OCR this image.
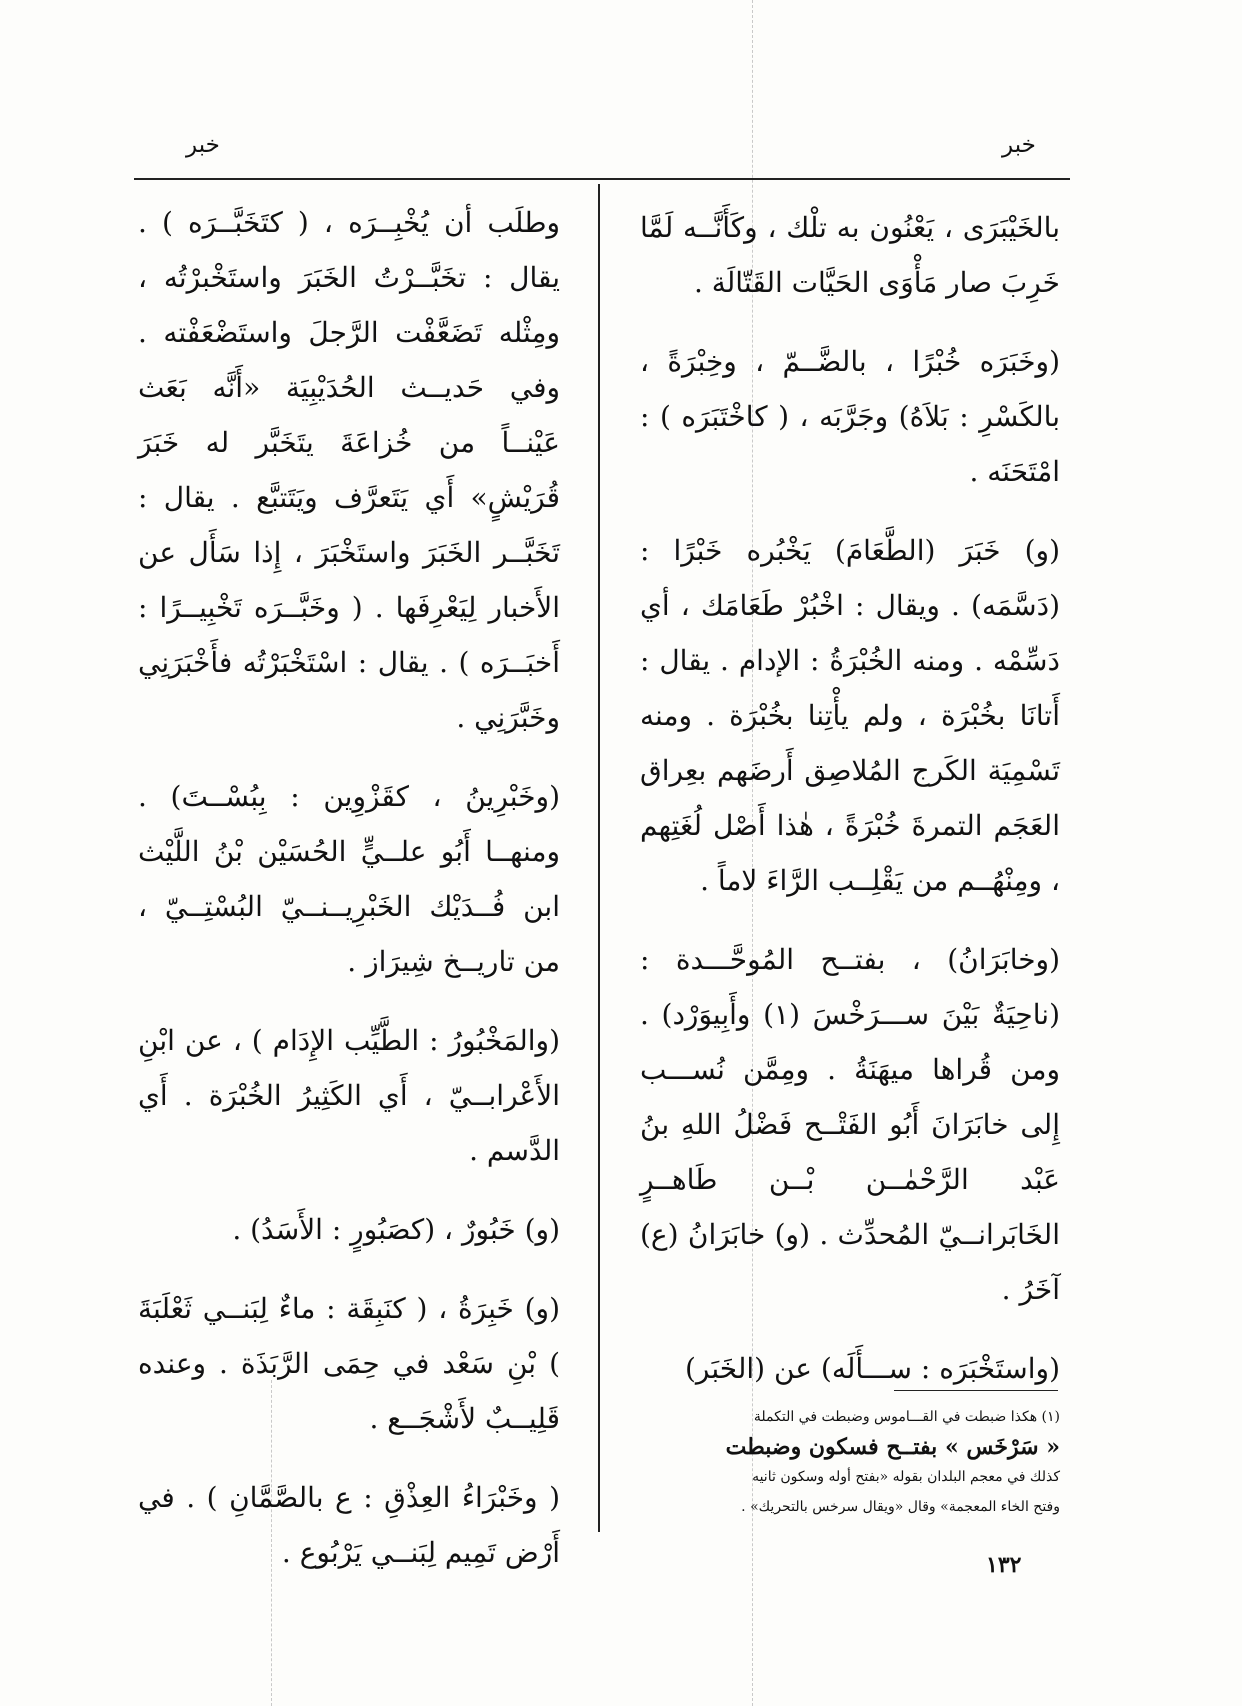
خبر
خبر

بالخَيْبَرَى ، يَعْنُون به تلْك ، وكَأَنَّــه لَمَّا خَرِبَ صار مَأْوَى الحَيَّات القَتّالَة .

(وخَبَرَه خُبْرًا ، بالضَّــمّ ، وخِبْرَةً ، بالكَسْرِ : بَلاَهُ) وجَرَّبَه ، ( كاخْتَبَرَه ) : امْتَحَنَه .

(و) خَبَرَ (الطَّعَامَ) يَخْبُره خَبْرًا : (دَسَّمَه) . ويقال : اخْبُرْ طَعَامَك ، أي دَسِّمْه . ومنه الخُبْرَةُ : الإدام . يقال : أَتانَا بخُبْرَة ، ولم يأْتِنا بخُبْرَة . ومنه تَسْمِيَة الكَرج المُلاصِق أَرضَهم بعِراق العَجَم التمرةَ خُبْرَةً ، هٰذا أَصْل لُغَتِهم ، ومِنْهُــم من يَقْلِــب الرَّاءَ لاماً .

(وخابَرَانُ) ، بفتــح المُوحَّـــدة : (ناحِيَةٌ بَيْنَ ســـرَخْسَ (١) وأَبِيوَرْد) . ومن قُراها ميهَنَةُ . ومِمَّن نُســـب إِلى خابَرَانَ أَبُو الفَتْــح فَضْلُ اللهِ بنُ عَبْد الرَّحْمٰــن بْــن طَاهــرٍ الخَابَرانــيّ المُحدِّث . (و) خابَرَانُ (ع) آخَرُ .

(واستَخْبَرَه : ســـأَلَه) عن (الخَبَر)

وطلَب أن يُخْبِــرَه ، ( كتَخَبَّــرَه ) . يقال : تخَبَّــرْتُ الخَبَرَ واستَخْبرْتُه ، ومِثْله تَضَعَّفْت الرَّجلَ واستَضْعَفْته . وفي حَديــث الحُدَيْبِيَة «أَنَّه بَعَث عَيْنــاً من خُزاعَةَ يتَخَبَّر له خَبَرَ قُرَيْشٍ» أَي يَتَعرَّف ويَتَتبَّع . يقال : تَخَبَّــر الخَبَرَ واستَخْبَرَ ، إِذا سَأَل عن الأَخبار لِيَعْرِفَها . ( وخَبَّــرَه تَخْبِيــرًا : أَخبَــرَه ) . يقال : اسْتَخْبَرْتُه فأَخْبَرَنِي وخَبَّرَنِي .

(وخَبْرِينُ ، كقَزْوِين : بِبُسْــتَ) . ومنهــا أَبُو علــيٍّ الحُسَيْن بْنُ اللَّيْث ابن فُــدَيْك الخَبْرِيــنــيّ البُسْتِــيّ ، من تاريــخ شِيرَاز .

(والمَخْبُورُ : الطَّيِّب الإِدَام ) ، عن ابْنِ الأَعْرابــيّ ، أَي الكَثِيرُ الخُبْرَة . أَي الدَّسم .

(و) خَبُورٌ ، (كصَبُورٍ : الأَسَدُ) .

(و) خَبِرَةُ ، ( كنَبِقَة : ماءٌ لِبَنــي ثَعْلَبَةَ ) بْنِ سَعْد في حِمَى الرَّبَذَة . وعنده قَلِيــبٌ لأَشْجَــع .

( وخَبْرَاءُ العِذْقِ : ع بالصَّمَّانِ ) . في أَرْض تَمِيم لِبَنــي يَرْبُوع .

(١) هكذا ضبطت في القـــاموس وضبطت في التكملة
« سَرْخَس » بفتــح فسكون وضبطت
كذلك في معجم البلدان بقوله «بفتح أوله وسكون ثانيه
وفتح الخاء المعجمة» وقال «ويقال سرخس بالتحريك» .
١٣٢
